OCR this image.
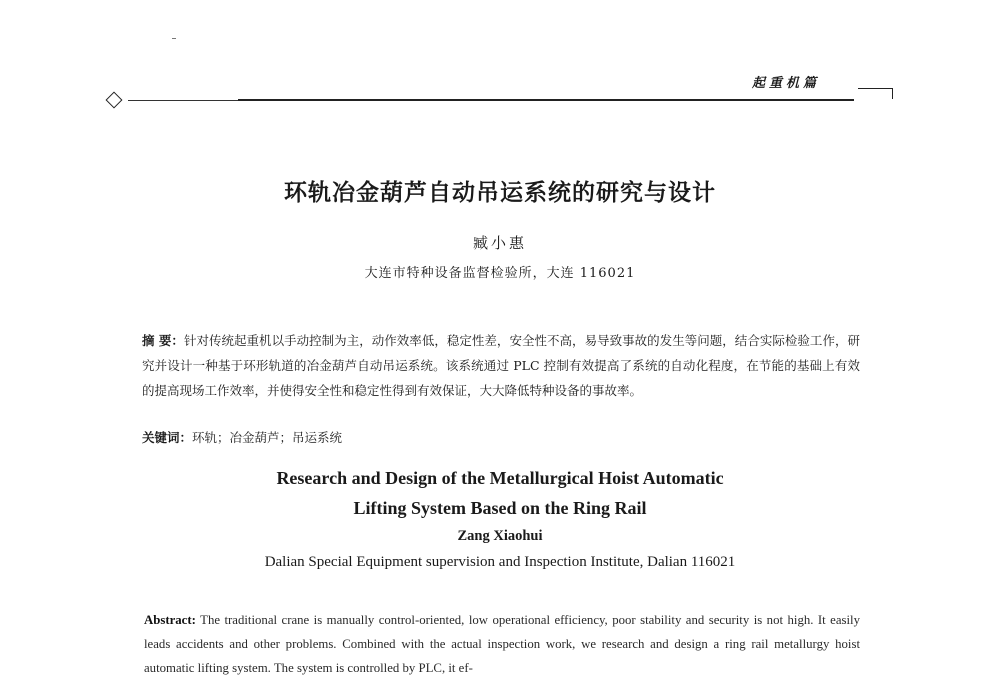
起重机篇
环轨冶金葫芦自动吊运系统的研究与设计
臧小惠
大连市特种设备监督检验所，大连 116021
摘 要：针对传统起重机以手动控制为主，动作效率低，稳定性差，安全性不高，易导致事故的发生等问题，结合实际检验工作，研究并设计一种基于环形轨道的冶金葫芦自动吊运系统。该系统通过 PLC 控制有效提高了系统的自动化程度，在节能的基础上有效的提高现场工作效率，并使得安全性和稳定性得到有效保证，大大降低特种设备的事故率。
关键词：环轨；冶金葫芦；吊运系统
Research and Design of the Metallurgical Hoist Automatic
Lifting System Based on the Ring Rail
Zang Xiaohui
Dalian Special Equipment supervision and Inspection Institute, Dalian 116021
Abstract: The traditional crane is manually control-oriented, low operational efficiency, poor stability and security is not high. It easily leads accidents and other problems. Combined with the actual inspection work, we research and design a ring rail metallurgy hoist automatic lifting system. The system is controlled by PLC, it ef-
